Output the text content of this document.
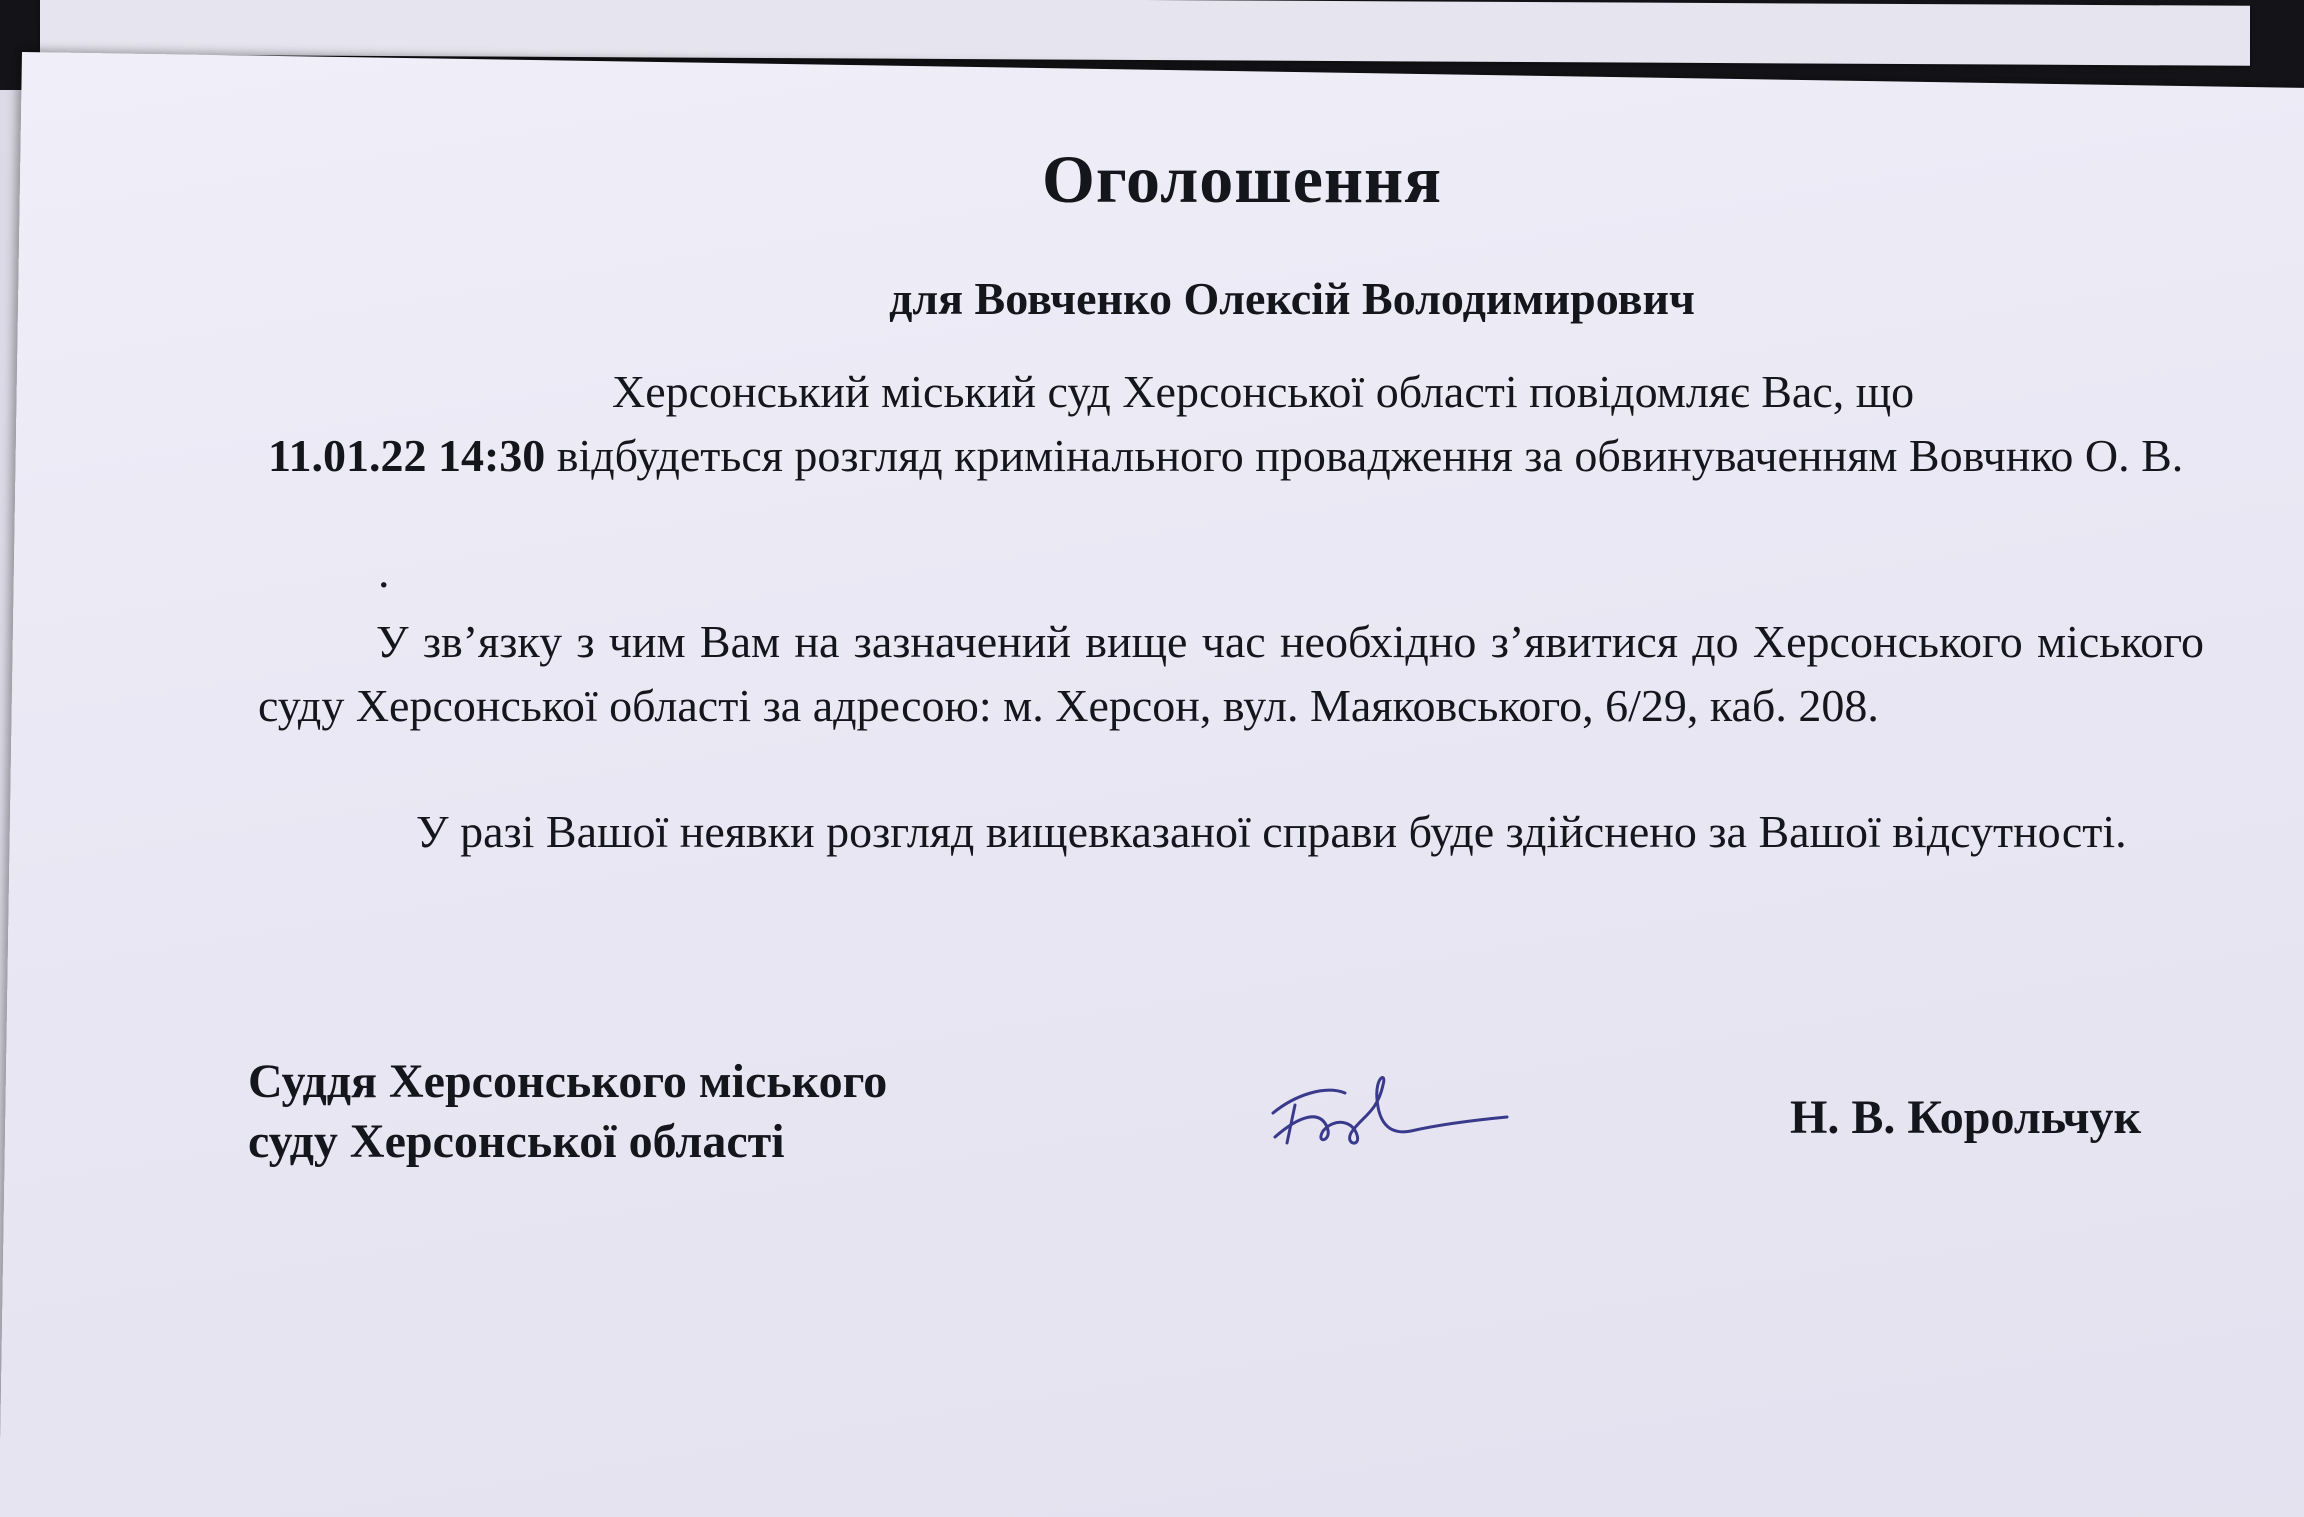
Оголошення
для Вовченко Олексій Володимирович

Херсонський міський суд Херсонської області повідомляє Вас, що
11.01.22 14:30 відбудеться розгляд кримінального провадження за обвинуваченням Вовчнко О. В.

.

У зв’язку з чим Вам на зазначений вище час необхідно з’явитися до Херсонського міського суду Херсонської області за адресою: м. Херсон, вул. Маяковського, 6/29, каб. 208.

У разі Вашої неявки розгляд вищевказаної справи буде здійснено за Вашої відсутності.

Суддя Херсонського міського
суду Херсонської області	Н. В. Корольчук
